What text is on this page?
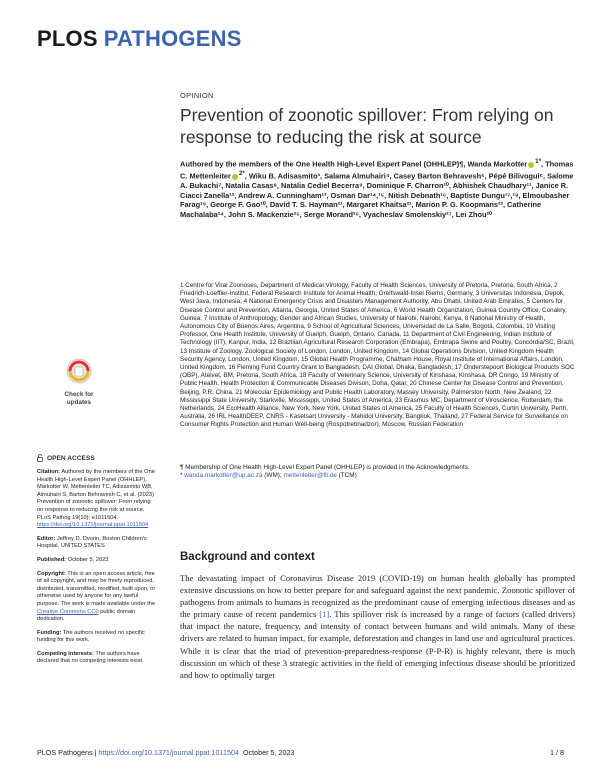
PLOS PATHOGENS
OPINION
Prevention of zoonotic spillover: From relying on response to reducing the risk at source
Authored by the members of the One Health High-Level Expert Panel (OHHLEP)¶, Wanda Markotter $^{1*}$, Thomas C. Mettenleiter $^{2*}$, Wiku B. Adisasmito³, Salama Almuhairi⁴, Casey Barton Behravesh⁵, Pépé Bilivogui⁶, Salome A. Bukachi⁷, Natalia Casas⁸, Natalia Cediel Becerra⁹, Dominique F. Charron¹⁰, Abhishek Chaudhary¹¹, Janice R. Ciacci Zanella¹², Andrew A. Cunningham¹³, Osman Dar¹⁴,¹⁵, Nitish Debnath¹⁶, Baptiste Dungu¹⁷,¹⁸, Elmoubasher Farag¹⁹, George F. Gao²⁰, David T. S. Hayman²¹, Margaret Khaitsa²², Marion P. G. Koopmans²³, Catherine Machalaba²⁴, John S. Mackenzie²⁵, Serge Morand²⁶, Vyacheslav Smolenskiy²⁷, Lei Zhou²⁰
1 Centre for Viral Zoonoses, Department of Medical Virology, Faculty of Health Sciences, University of Pretoria, Pretoria, South Africa, 2 Friedrich-Loeffler-Institut, Federal Research Institute for Animal Health, Greifswald-Insel Riems, Germany, 3 Universitas Indonesia, Depok, West Java, Indonesia, 4 National Emergency Crisis and Disasters Management Authority, Abu Dhabi, United Arab Emirates, 5 Centers for Disease Control and Prevention, Atlanta, Georgia, United States of America, 6 World Health Organization, Guinea Country Office, Conakry, Guinea, 7 Institute of Anthropology, Gender and African Studies, University of Nairobi, Nairobi, Kenya, 8 National Ministry of Health, Autonomous City of Buenos Aires, Argentina, 9 School of Agricultural Sciences, Universidad de La Salle, Bogotá, Colombia, 10 Visiting Professor, One Health Institute, University of Guelph, Guelph, Ontario, Canada, 11 Department of Civil Engineering, Indian Institute of Technology (IIT), Kanpur, India, 12 Brazilian Agricultural Research Corporation (Embrapa), Embrapa Swine and Poultry, Concórdia/SC, Brazil, 13 Institute of Zoology, Zoological Society of London, London, United Kingdom, 14 Global Operations Division, United Kingdom Health Security Agency, London, United Kingdom, 15 Global Health Programme, Chatham House, Royal Institute of International Affairs, London, United Kingdom, 16 Fleming Fund Country Grant to Bangladesh, DAI Global, Dhaka, Bangladesh, 17 Onderstepoort Biological Products SOC (OBP), Ateivet, BM, Pretoria, South Africa, 18 Faculty of Veterinary Science, University of Kinshasa, Kinshasa, DR Congo, 19 Ministry of Public Health, Health Protection & Communicable Diseases Divison, Doha, Qatar, 20 Chinese Center for Disease Control and Prevention, Beijing, P.R. China, 21 Molecular Epidemiology and Public Health Laboratory, Massey University, Palmerston North, New Zealand, 22 Mississippi State University, Starkville, Mississippi, United States of America, 23 Erasmus MC, Department of Viroscience, Rotterdam, the Netherlands, 24 EcoHealth Alliance, New York, New York, United States of America, 25 Faculty of Health Sciences, Curtin University, Perth, Australia, 26 IRL HealthDEEP, CNRS - Kasetsart University - Mahidol University, Bangkok, Thailand, 27 Federal Service for Surveillance on Consumer Rights Protection and Human Well-being (Rospotrebnadzor), Moscow, Russian Federation
¶ Membership of One Health High-Level Expert Panel (OHHLEP) is provided in the Acknowledgments.
* wanda.markotter@up.ac.za (WM); mettenleiter@fli.de (TCM)
Background and context
The devastating impact of Coronavirus Disease 2019 (COVID-19) on human health globally has prompted extensive discussions on how to better prepare for and safeguard against the next pandemic. Zoonotic spillover of pathogens from animals to humans is recognized as the predominant cause of emerging infectious diseases and as the primary cause of recent pandemics [1]. This spillover risk is increased by a range of factors (called drivers) that impact the nature, frequency, and intensity of contact between humans and wild animals. Many of these drivers are related to human impact, for example, deforestation and changes in land use and agricultural practices. While it is clear that the triad of prevention-preparedness-response (P-P-R) is highly relevant, there is much discussion on which of these 3 strategic activities in the field of emerging infectious disease should be prioritized and how to optimally target
Check for
updates
OPEN ACCESS
Citation: Authored by the members of the One Health High-Level Expert Panel (OHHLEP), Markotter W, Mettenleiter TC, Adisasmito WB, Almuhairi S, Barton Behravesh C, et al. (2023) Prevention of zoonotic spillover: From relying on response to reducing the risk at source. PLoS Pathog 19(10): e1011504. https://doi.org/10.1371/journal.ppat.1011504
Editor: Jeffrey D. Dvorin, Boston Children's Hospital, UNITED STATES
Published: October 5, 2023
Copyright: This is an open access article, free of all copyright, and may be freely reproduced, distributed, transmitted, modified, built upon, or otherwise used by anyone for any lawful purpose. The work is made available under the Creative Commons CC0 public domain dedication.
Funding: The authors received no specific funding for this work.
Competing interests: The authors have declared that no competing interests exist.
PLOS Pathogens | https://doi.org/10.1371/journal.ppat.1011504 October 5, 2023	1 / 8
